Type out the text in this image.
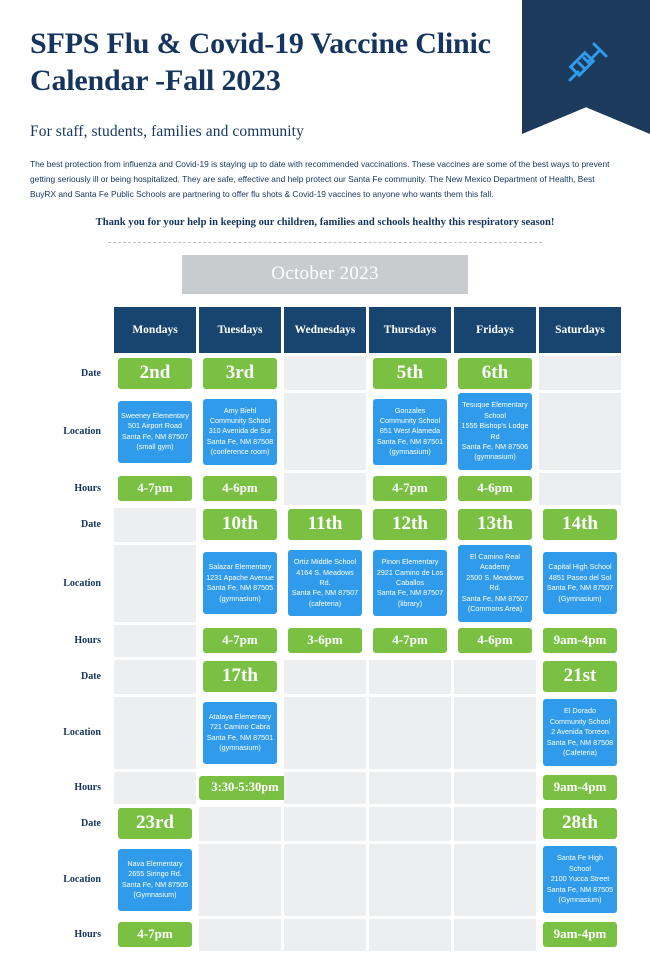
SFPS Flu & Covid-19 Vaccine Clinic Calendar -Fall 2023
For staff, students, families and community
The best protection from influenza and Covid-19 is staying up to date with recommended vaccinations. These vaccines are some of the best ways to prevent getting seriously ill or being hospitalized. They are safe, effective and help protect our Santa Fe community. The New Mexico Department of Health, Best BuyRX and Santa Fe Public Schools are partnering to offer flu shots & Covid-19 vaccines to anyone who wants them this fall.
Thank you for your help in keeping our children, families and schools healthy this respiratory season!
October 2023
	Mondays	Tuesdays	Wednesdays	Thursdays	Fridays	Saturdays
Date	2nd	3rd		5th	6th	

Location	Sweeney Elementary
501 Airport Road
Santa Fe, NM 87507
(small gym)	Amy Biehl Community School
310 Avenida de Sur
Santa Fe, NM 87508
(conference room)		Gonzales Community School
851 West Alameda
Santa Fe, NM 87501
(gymnasium)	Tesuque Elementary School
1555 Bishop's Lodge Rd
Santa Fe, NM 87506
(gymnasium)	

Hours	4-7pm	4-6pm		4-7pm	4-6pm	

Date		10th	11th	12th	13th	14th

Location		Salazar Elementary
1231 Apache Avenue
Santa Fe, NM 87505
(gymnasium)	Ortiz Middle School
4164 S. Meadows Rd.
Santa Fe, NM 87507
(cafeteria)	Pinon Elementary
2921 Camino de Los Caballos
Santa Fe, NM 87507
(library)	El Camino Real Academy
2500 S. Meadows Rd.
Santa Fe, NM 87507
(Commons Area)	Capital High School
4851 Paseo del Sol
Santa Fe, NM 87507
(Gymnasium)

Hours		4-7pm	3-6pm	4-7pm	4-6pm	9am-4pm

Date		17th				21st

Location		Atalaya Elementary
721 Camino Cabra
Santa Fe, NM 87501
(gymnasium)				El Dorado Community School
2 Avenida Torreon
Santa Fe, NM 87508
(Cafeteria)

Hours		3:30-5:30pm				9am-4pm

Date	23rd					28th

Location	Nava Elementary
2655 Siringo Rd.
Santa Fe, NM 87505
(Gymnasium)					Santa Fe High School
2100 Yucca Street
Santa Fe, NM 87505
(Gymnasium)

Hours	4-7pm					9am-4pm
